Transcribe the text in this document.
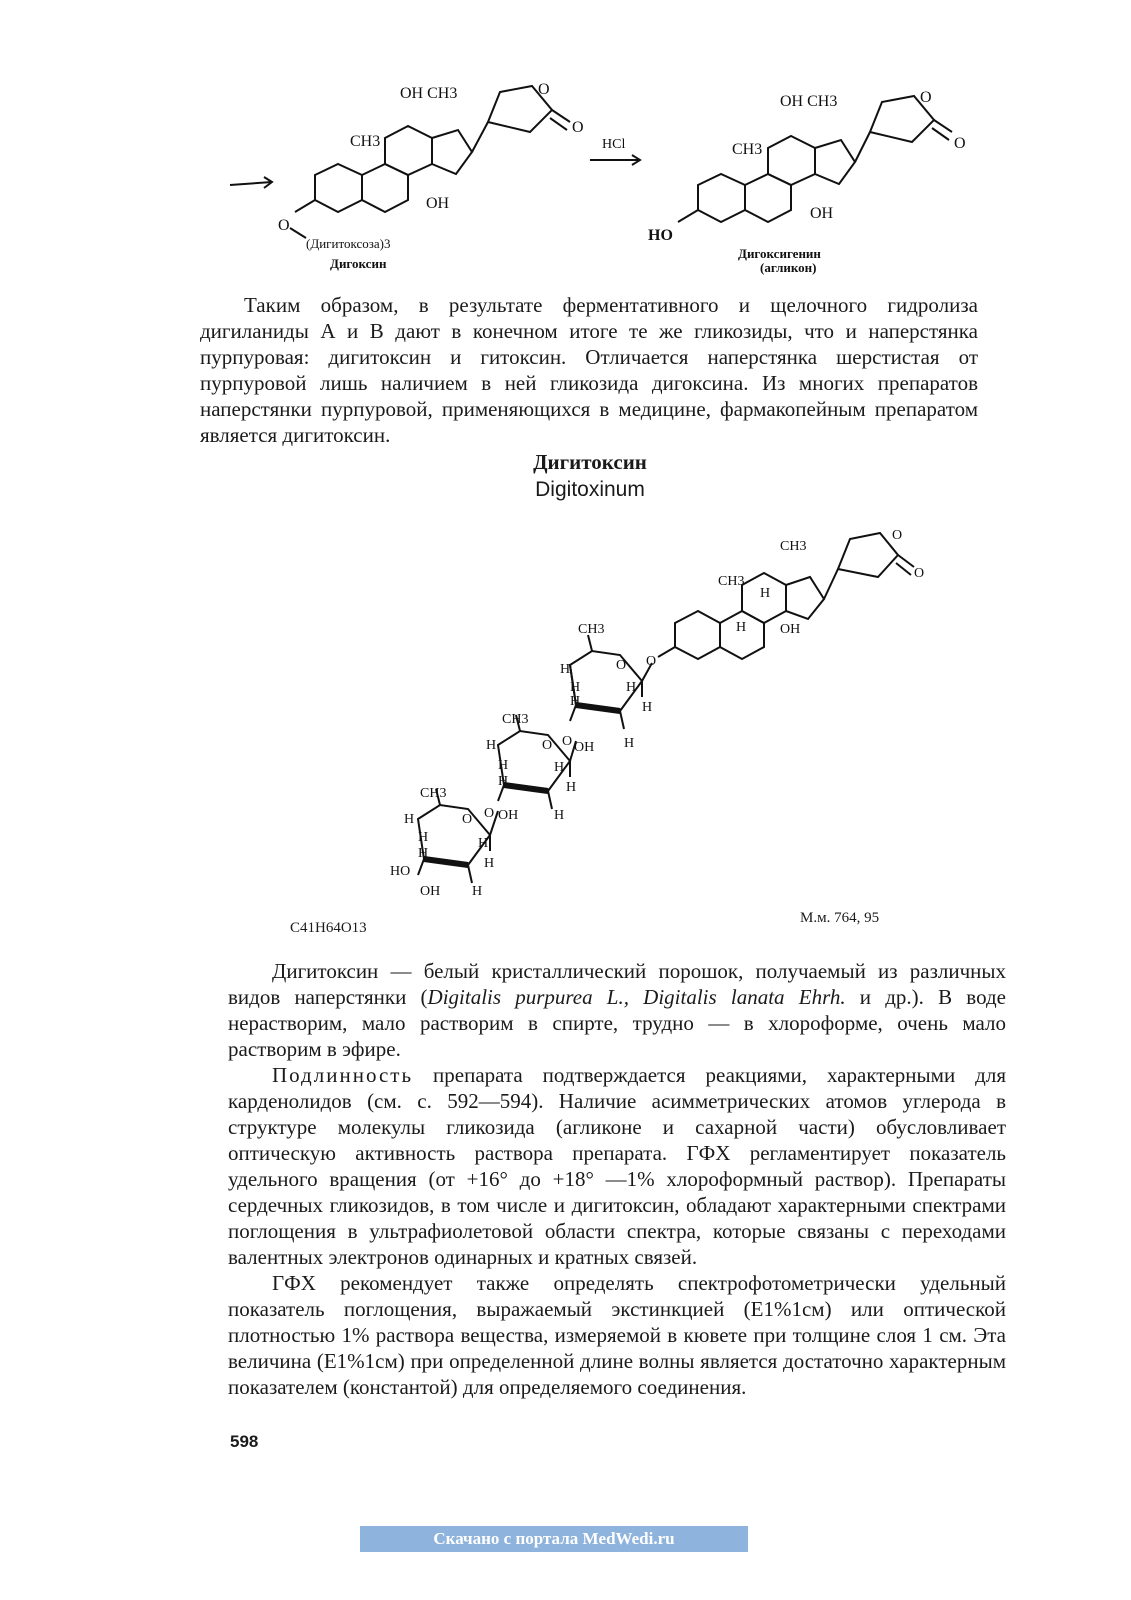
OH CH3
CH3
OH
O
O
O
(Дигитоксоза)3
Дигоксин
HCl
OH CH3
CH3
OH
HO
O
O
Дигоксигенин
(агликон)
Таким образом, в результате ферментативного и щелочного гидролиза дигиланиды А и В дают в конечном итоге те же гликозиды, что и наперстянка пурпуровая: дигитоксин и гитоксин. Отличается наперстянка шерстистая от пурпуровой лишь наличием в ней гликозида дигоксина. Из многих препаратов наперстянки пурпуровой, применяющихся в медицине, фармакопейным препаратом является дигитоксин.
Дигитоксин
Digitoxinum
CH3
O
O
CH3
H
H OH
O
CH3
O
H
H
H
H
H
OH H
O
CH3
O
H
H
H
H
H
OH	H
O
CH3
O
H
H
H
H
H
HO
OH H
C41H64O13
М.м. 764, 95
Дигитоксин — белый кристаллический порошок, получаемый из различных видов наперстянки (Digitalis purpurea L., Digitalis lanata Ehrh. и др.). В воде нерастворим, мало растворим в спирте, трудно — в хлороформе, очень мало растворим в эфире.
Подлинность препарата подтверждается реакциями, характерными для карденолидов (см. с. 592—594). Наличие асимметрических атомов углерода в структуре молекулы гликозида (агликоне и сахарной части) обусловливает оптическую активность раствора препарата. ГФХ регламентирует показатель удельного вращения (от +16° до +18° —1% хлороформный раствор). Препараты сердечных гликозидов, в том числе и дигитоксин, обладают характерными спектрами поглощения в ультрафиолетовой области спектра, которые связаны с переходами валентных электронов одинарных и кратных связей.
ГФХ рекомендует также определять спектрофотометрически удельный показатель поглощения, выражаемый экстинкцией (E1%1см) или оптической плотностью 1% раствора вещества, измеряемой в кювете при толщине слоя 1 см. Эта величина (E1%1см) при определенной длине волны является достаточно характерным показателем (константой) для определяемого соединения.
598
Скачано с портала MedWedi.ru
